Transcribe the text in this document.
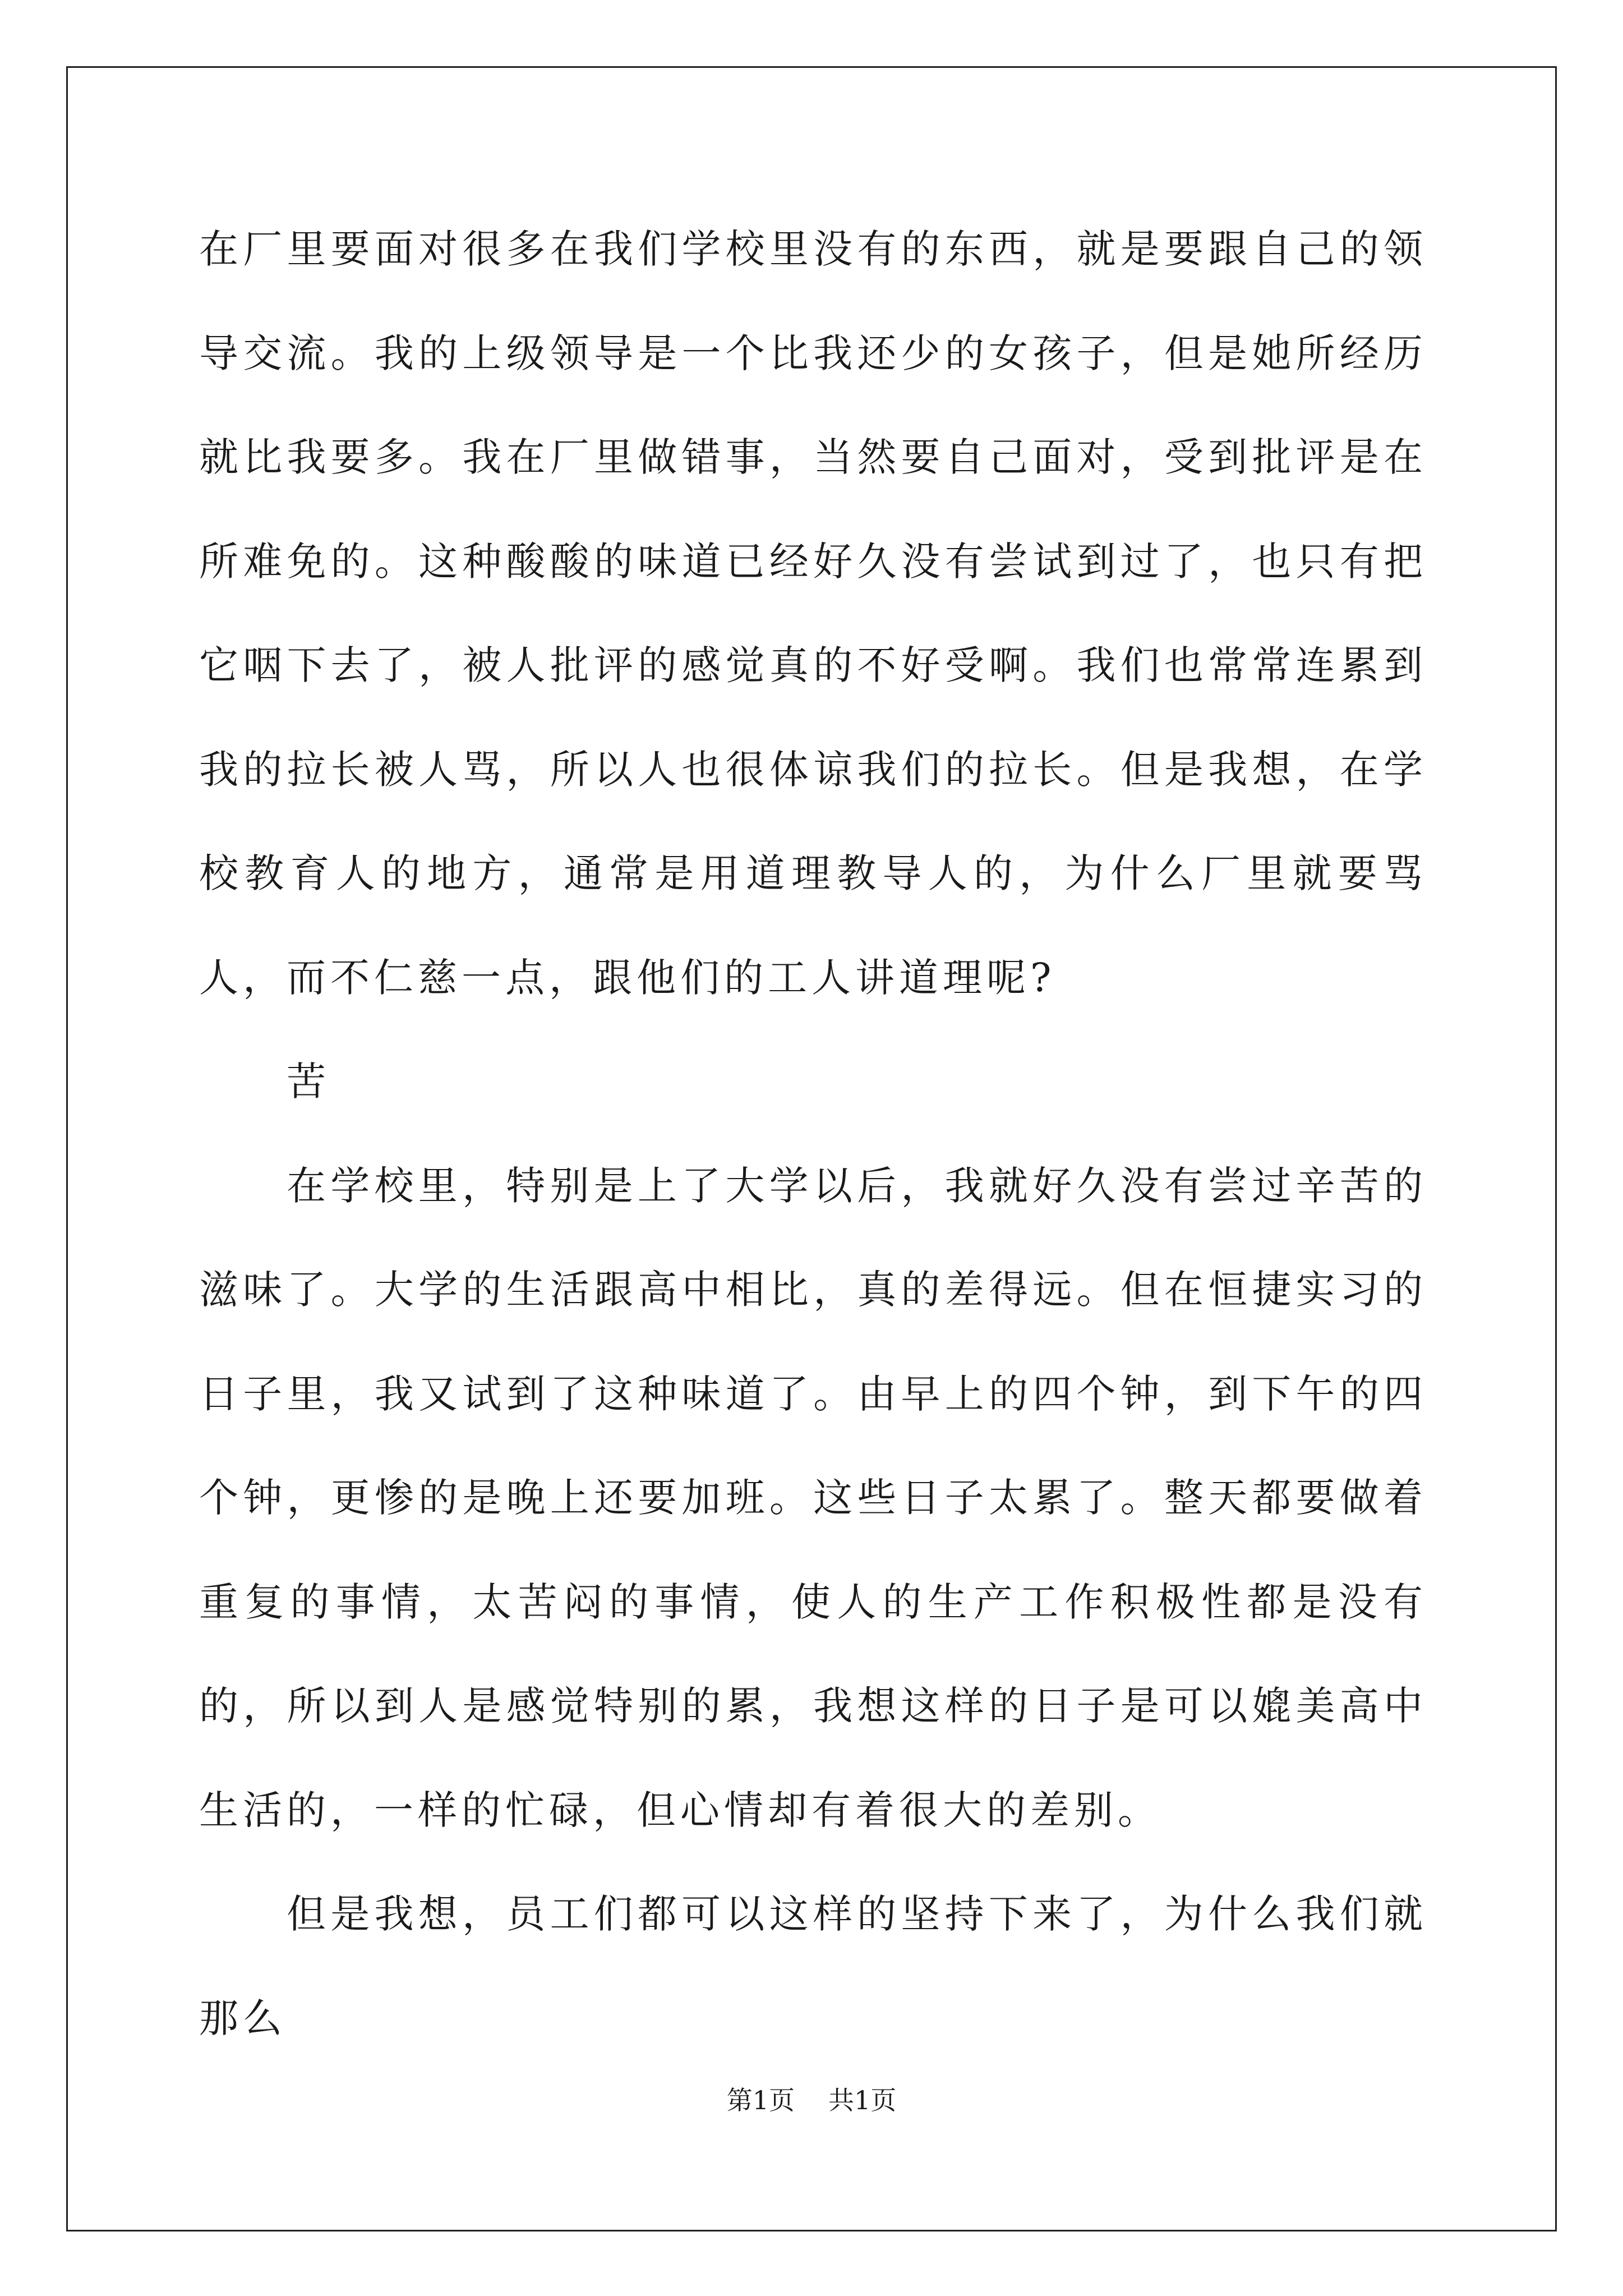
在厂里要面对很多在我们学校里没有的东西，就是要跟自己的领导交流。我的上级领导是一个比我还少的女孩子，但是她所经历就比我要多。我在厂里做错事，当然要自己面对，受到批评是在所难免的。这种酸酸的味道已经好久没有尝试到过了，也只有把它咽下去了，被人批评的感觉真的不好受啊。我们也常常连累到我的拉长被人骂，所以人也很体谅我们的拉长。但是我想，在学校教育人的地方，通常是用道理教导人的，为什么厂里就要骂人，而不仁慈一点，跟他们的工人讲道理呢?

苦

在学校里，特别是上了大学以后，我就好久没有尝过辛苦的滋味了。大学的生活跟高中相比，真的差得远。但在恒捷实习的日子里，我又试到了这种味道了。由早上的四个钟，到下午的四个钟，更惨的是晚上还要加班。这些日子太累了。整天都要做着重复的事情，太苦闷的事情，使人的生产工作积极性都是没有的，所以到人是感觉特别的累，我想这样的日子是可以媲美高中生活的，一样的忙碌，但心情却有着很大的差别。

但是我想，员工们都可以这样的坚持下来了，为什么我们就那么

第1页 共1页
